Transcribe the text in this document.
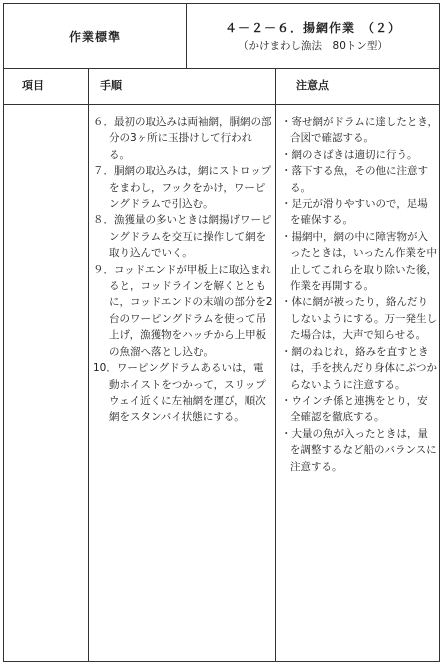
作業標準
４－２－６．揚網作業　（２）
（かけまわし漁法　80トン型）
項目	手順	注意点
６．最初の取込みは両袖網，胴網の部分の3ヶ所に玉掛けして行われる。
７．胴網の取込みは，網にストロップをまわし，フックをかけ，ワーピングドラムで引込む。
８．漁獲量の多いときは網揚げワーピングドラムを交互に操作して網を取り込んでいく。
９．コッドエンドが甲板上に取込まれると，コッドラインを解くとともに，コッドエンドの末端の部分を2台のワーピングドラムを使って吊上げ，漁獲物をハッチから上甲板の魚溜へ落とし込む。
10．ワーピングドラムあるいは，電動ホイストをつかって，スリップウェイ近くに左袖網を運び，順次網をスタンバイ状態にする。
・寄せ網がドラムに達したとき，合図で確認する。
・網のさばきは適切に行う。
・落下する魚，その他に注意する。
・足元が滑りやすいので，足場を確保する。
・揚網中，網の中に障害物が入ったときは，いったん作業を中止してこれらを取り除いた後，作業を再開する。
・体に網が被ったり，絡んだりしないようにする。万一発生した場合は，大声で知らせる。
・網のねじれ，絡みを直すときは，手を挟んだり身体にぶつからないように注意する。
・ウインチ係と連携をとり，安全確認を徹底する。
・大量の魚が入ったときは，量を調整するなど船のバランスに注意する。
